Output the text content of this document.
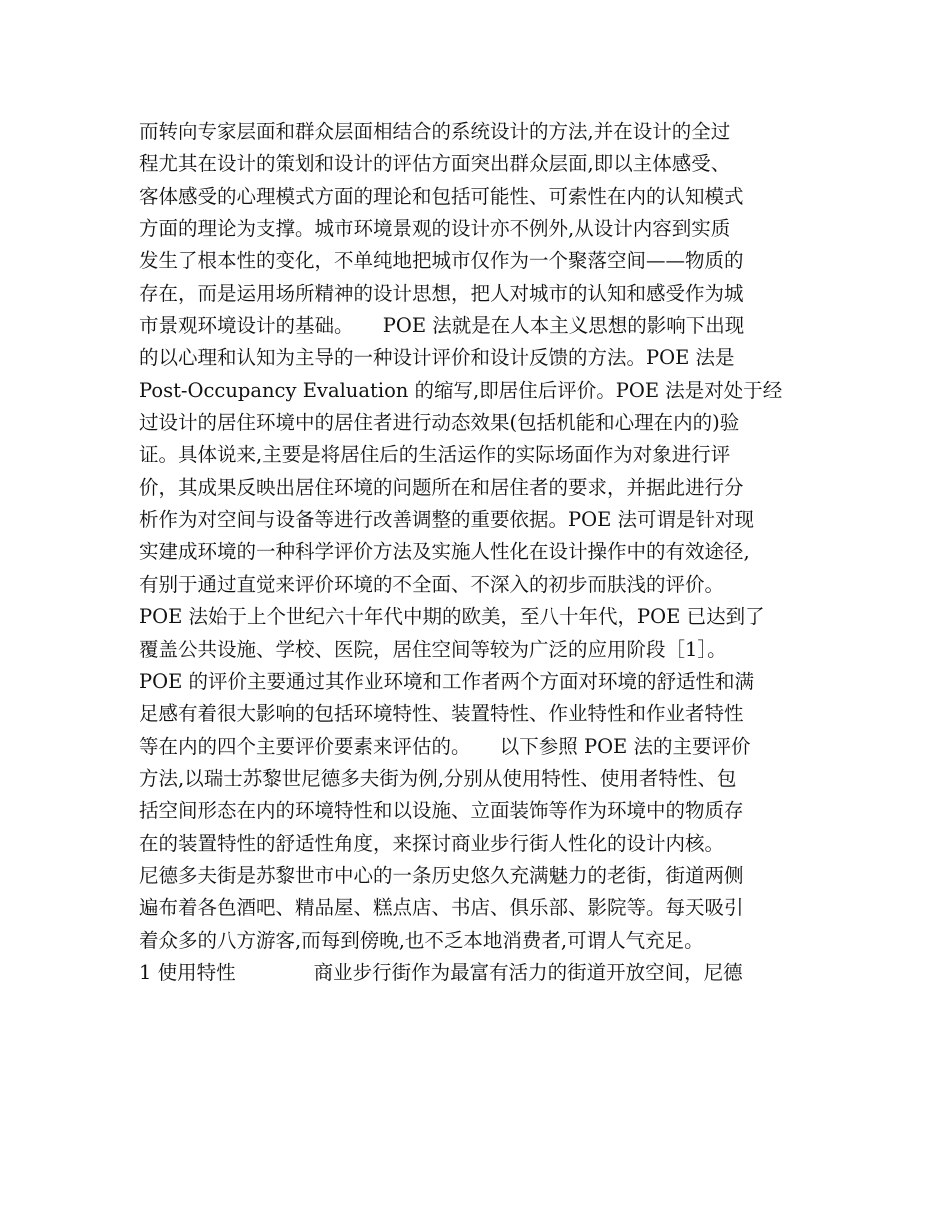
而转向专家层面和群众层面相结合的系统设计的方法,并在设计的全过
程尤其在设计的策划和设计的评估方面突出群众层面,即以主体感受、
客体感受的心理模式方面的理论和包括可能性、可索性在内的认知模式
方面的理论为支撑。城市环境景观的设计亦不例外,从设计内容到实质
发生了根本性的变化，不单纯地把城市仅作为一个聚落空间——物质的
存在，而是运用场所精神的设计思想，把人对城市的认知和感受作为城
市景观环境设计的基础。　　POE 法就是在人本主义思想的影响下出现
的以心理和认知为主导的一种设计评价和设计反馈的方法。POE 法是
Post-Occupancy Evaluation 的缩写,即居住后评价。POE 法是对处于经
过设计的居住环境中的居住者进行动态效果(包括机能和心理在内的)验
证。具体说来,主要是将居住后的生活运作的实际场面作为对象进行评
价，其成果反映出居住环境的问题所在和居住者的要求，并据此进行分
析作为对空间与设备等进行改善调整的重要依据。POE 法可谓是针对现
实建成环境的一种科学评价方法及实施人性化在设计操作中的有效途径,
有别于通过直觉来评价环境的不全面、不深入的初步而肤浅的评价。
POE 法始于上个世纪六十年代中期的欧美，至八十年代，POE 已达到了
覆盖公共设施、学校、医院，居住空间等较为广泛的应用阶段［1］。
POE 的评价主要通过其作业环境和工作者两个方面对环境的舒适性和满
足感有着很大影响的包括环境特性、装置特性、作业特性和作业者特性
等在内的四个主要评价要素来评估的。　　以下参照 POE 法的主要评价
方法,以瑞士苏黎世尼德多夫街为例,分别从使用特性、使用者特性、包
括空间形态在内的环境特性和以设施、立面装饰等作为环境中的物质存
在的装置特性的舒适性角度，来探讨商业步行街人性化的设计内核。
尼德多夫街是苏黎世市中心的一条历史悠久充满魅力的老街，街道两侧
遍布着各色酒吧、精品屋、糕点店、书店、俱乐部、影院等。每天吸引
着众多的八方游客,而每到傍晚,也不乏本地消费者,可谓人气充足。
1 使用特性　　　　商业步行街作为最富有活力的街道开放空间，尼德
